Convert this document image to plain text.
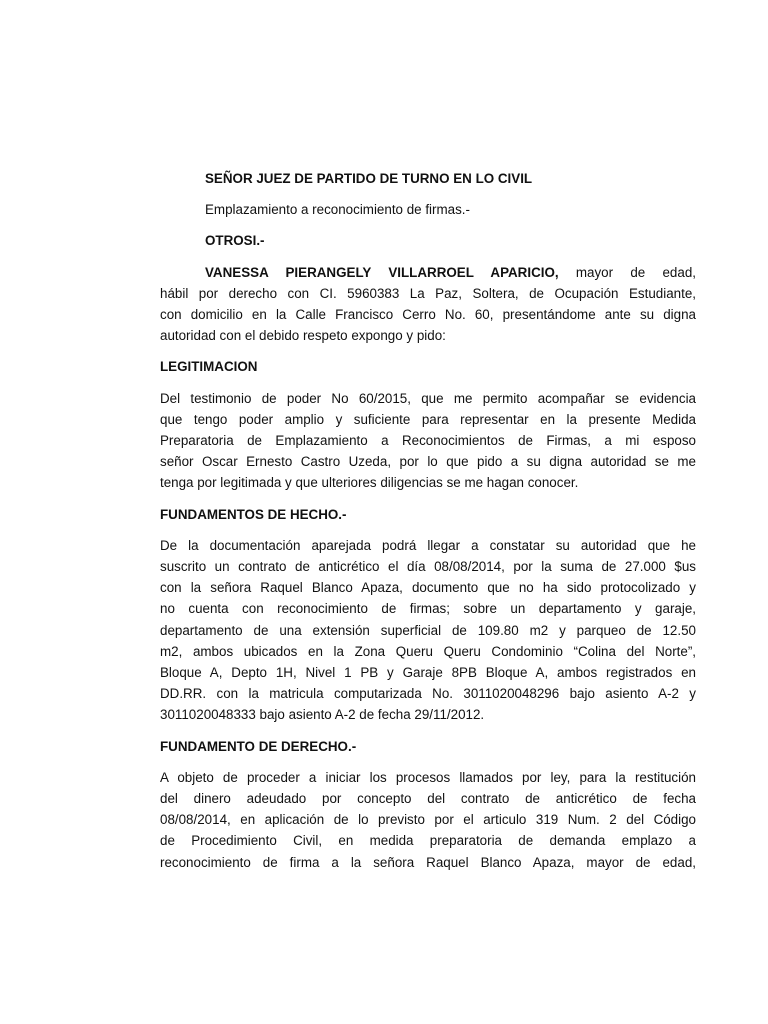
SEÑOR JUEZ DE PARTIDO DE TURNO EN LO CIVIL
Emplazamiento a reconocimiento de firmas.-
OTROSI.-
VANESSA PIERANGELY VILLARROEL APARICIO, mayor de edad,
hábil por derecho con CI. 5960383 La Paz, Soltera, de Ocupación Estudiante,
con domicilio en la Calle Francisco Cerro No. 60, presentándome ante su digna
autoridad con el debido respeto expongo y pido:
LEGITIMACION
Del testimonio de poder No 60/2015, que me permito acompañar se evidencia
que tengo poder amplio y suficiente para representar en la presente Medida
Preparatoria de Emplazamiento a Reconocimientos de Firmas, a mi esposo
señor Oscar Ernesto Castro Uzeda, por lo que pido a su digna autoridad se me
tenga por legitimada y que ulteriores diligencias se me hagan conocer.
FUNDAMENTOS DE HECHO.-
De la documentación aparejada podrá llegar a constatar su autoridad que he
suscrito un contrato de anticrético el día 08/08/2014, por la suma de 27.000 $us
con la señora Raquel Blanco Apaza, documento que no ha sido protocolizado y
no cuenta con reconocimiento de firmas; sobre un departamento y garaje,
departamento de una extensión superficial de 109.80 m2 y parqueo de 12.50
m2, ambos ubicados en la Zona Queru Queru Condominio “Colina del Norte”,
Bloque A, Depto 1H, Nivel 1 PB y Garaje 8PB Bloque A, ambos registrados en
DD.RR. con la matricula computarizada No. 3011020048296 bajo asiento A-2 y
3011020048333 bajo asiento A-2 de fecha 29/11/2012.
FUNDAMENTO DE DERECHO.-
A objeto de proceder a iniciar los procesos llamados por ley, para la restitución
del dinero adeudado por concepto del contrato de anticrético de fecha
08/08/2014, en aplicación de lo previsto por el articulo 319 Num. 2 del Código
de Procedimiento Civil, en medida preparatoria de demanda emplazo a
reconocimiento de firma a la señora Raquel Blanco Apaza, mayor de edad,
